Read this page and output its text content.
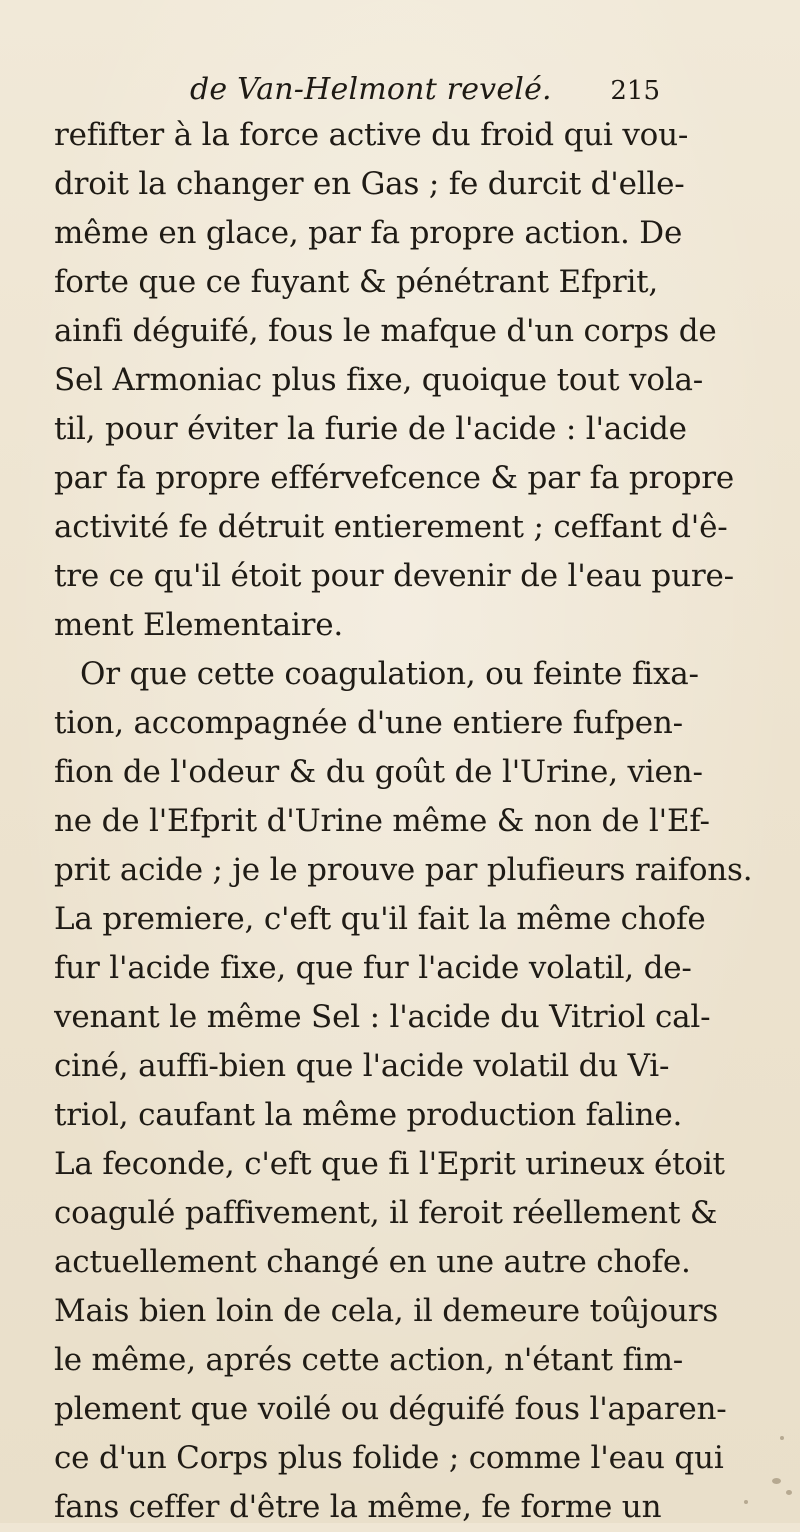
de Van-Helmont revelé. 215
refifter à la force active du froid qui vou-
droit la changer en Gas ; fe durcit d'elle-
même en glace, par fa propre action. De
forte que ce fuyant & pénétrant Efprit,
ainfi déguifé, fous le mafque d'un corps de
Sel Armoniac plus fixe, quoique tout vola-
til, pour éviter la furie de l'acide : l'acide
par fa propre efférvefcence & par fa propre
activité fe détruit entierement ; ceffant d'ê-
tre ce qu'il étoit pour devenir de l'eau pure-
ment Elementaire.
Or que cette coagulation, ou feinte fixa-
tion, accompagnée d'une entiere fufpen-
fion de l'odeur & du goût de l'Urine, vien-
ne de l'Efprit d'Urine même & non de l'Ef-
prit acide ; je le prouve par plufieurs raifons.
La premiere, c'eft qu'il fait la même chofe
fur l'acide fixe, que fur l'acide volatil, de-
venant le même Sel : l'acide du Vitriol cal-
ciné, auffi-bien que l'acide volatil du Vi-
triol, caufant la même production faline.
La feconde, c'eft que fi l'Eprit urineux étoit
coagulé paffivement, il feroit réellement &
actuellement changé en une autre chofe.
Mais bien loin de cela, il demeure toûjours
le même, aprés cette action, n'étant fim-
plement que voilé ou déguifé fous l'aparen-
ce d'un Corps plus folide ; comme l'eau qui
fans ceffer d'être la même, fe forme un
